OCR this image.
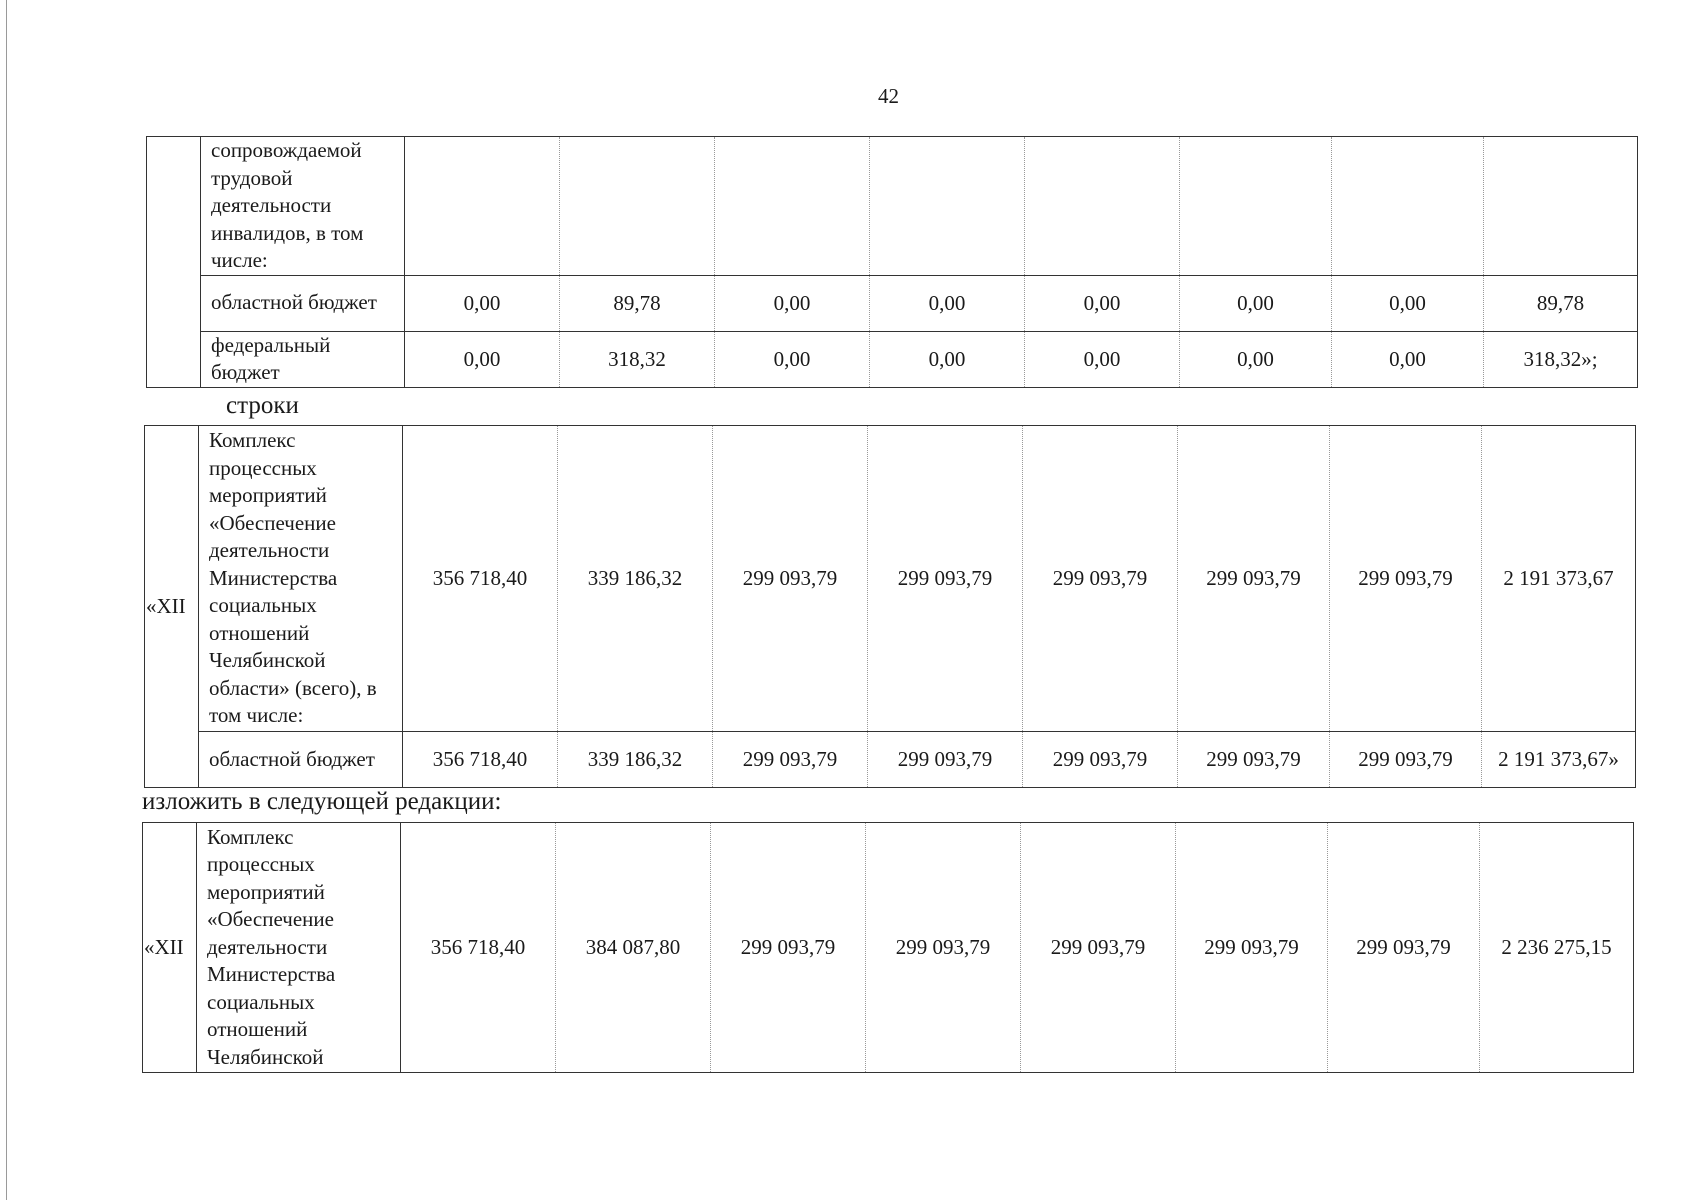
42
	сопровождаемой трудовой деятельности инвалидов, в том числе:								
	областной бюджет	0,00	89,78	0,00	0,00	0,00	0,00	0,00	89,78
	федеральный бюджет	0,00	318,32	0,00	0,00	0,00	0,00	0,00	318,32»;
строки
«XII	Комплекс процессных мероприятий «Обеспечение деятельности Министерства социальных отношений Челябинской области» (всего), в том числе:	356 718,40	339 186,32	299 093,79	299 093,79	299 093,79	299 093,79	299 093,79	2 191 373,67
	областной бюджет	356 718,40	339 186,32	299 093,79	299 093,79	299 093,79	299 093,79	299 093,79	2 191 373,67»
изложить в следующей редакции:
«XII	Комплекс процессных мероприятий «Обеспечение деятельности Министерства социальных отношений Челябинской	356 718,40	384 087,80	299 093,79	299 093,79	299 093,79	299 093,79	299 093,79	2 236 275,15
